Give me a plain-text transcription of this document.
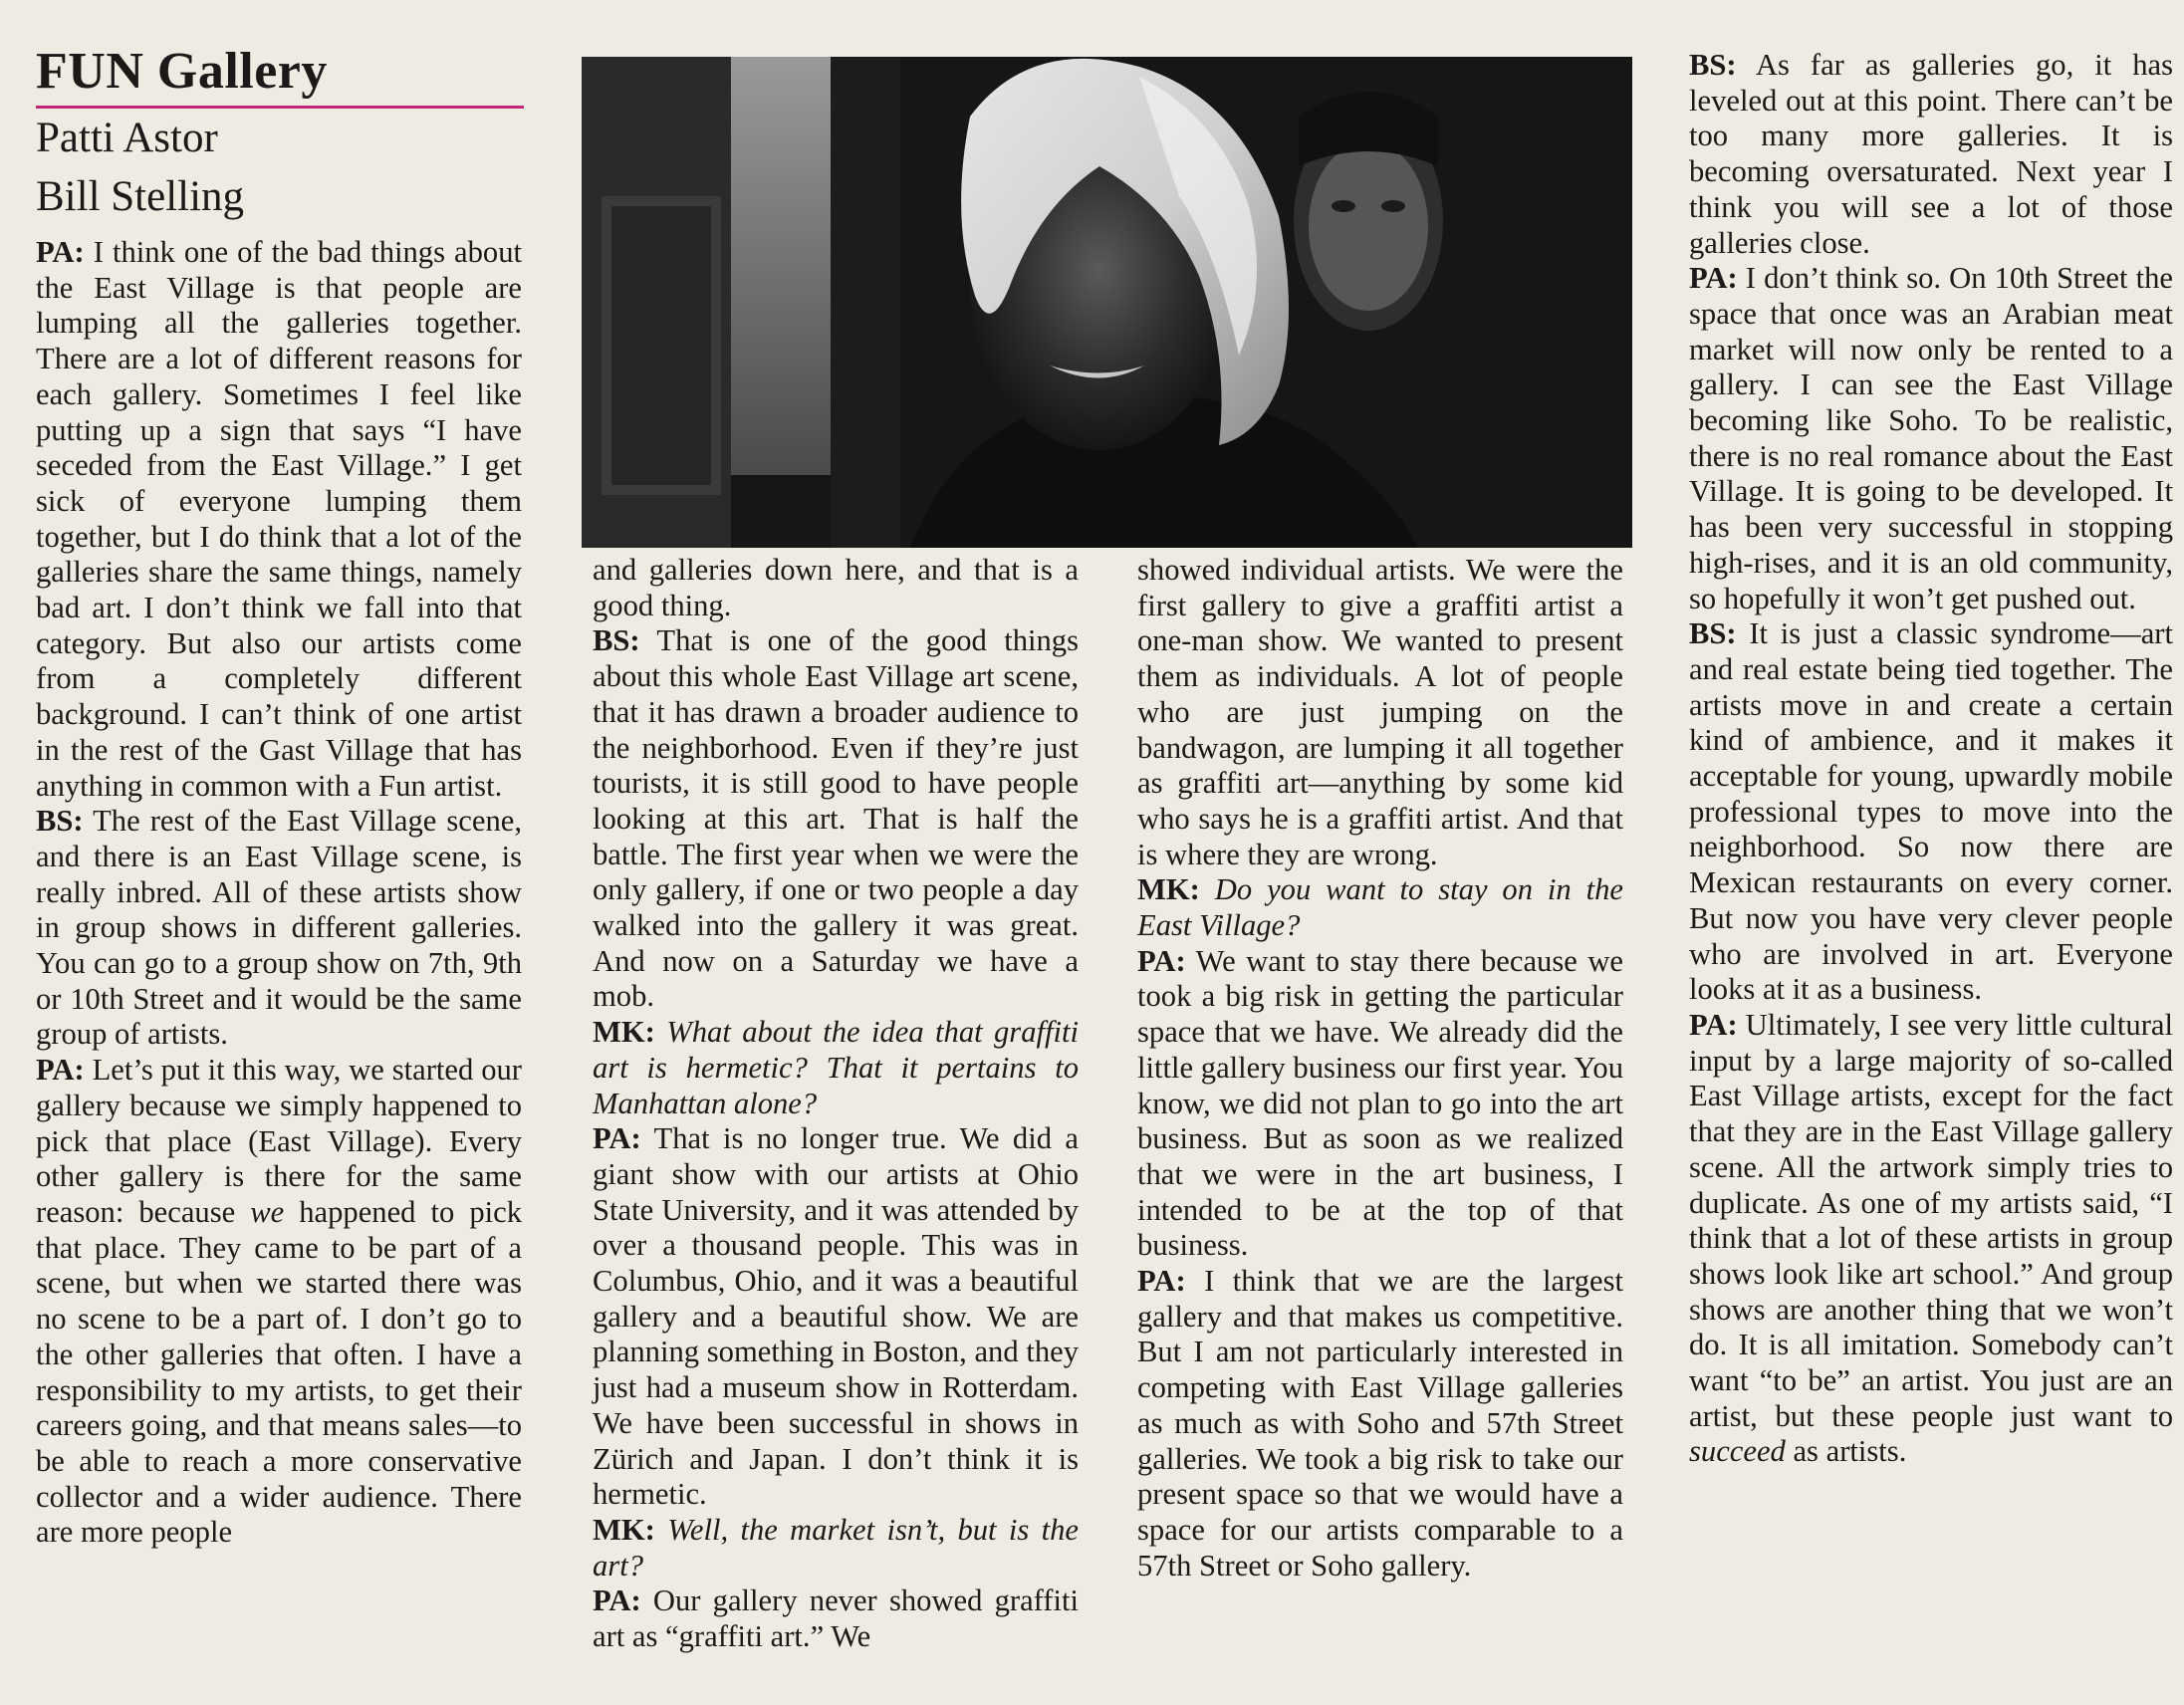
FUN Gallery
Patti Astor
Bill Stelling

PA: I think one of the bad things about the East Village is that people are lumping all the galleries together. There are a lot of different reasons for each gallery. Sometimes I feel like putting up a sign that says “I have seceded from the East Village.” I get sick of everyone lumping them together, but I do think that a lot of the galleries share the same things, namely bad art. I don’t think we fall into that category. But also our artists come from a completely different background. I can’t think of one artist in the rest of the Gast Village that has anything in common with a Fun artist.

BS: The rest of the East Village scene, and there is an East Village scene, is really inbred. All of these artists show in group shows in different galleries. You can go to a group show on 7th, 9th or 10th Street and it would be the same group of artists.

PA: Let’s put it this way, we started our gallery because we simply happened to pick that place (East Village). Every other gallery is there for the same reason: because we happened to pick that place. They came to be part of a scene, but when we started there was no scene to be a part of. I don’t go to the other galleries that often. I have a responsibility to my artists, to get their careers going, and that means sales—to be able to reach a more conservative collector and a wider audience. There are more people

and galleries down here, and that is a good thing.

BS: That is one of the good things about this whole East Village art scene, that it has drawn a broader audience to the neighborhood. Even if they’re just tourists, it is still good to have people looking at this art. That is half the battle. The first year when we were the only gallery, if one or two people a day walked into the gallery it was great. And now on a Saturday we have a mob.

MK: What about the idea that graffiti art is hermetic? That it pertains to Manhattan alone?

PA: That is no longer true. We did a giant show with our artists at Ohio State University, and it was attended by over a thousand people. This was in Columbus, Ohio, and it was a beautiful gallery and a beautiful show. We are planning something in Boston, and they just had a museum show in Rotterdam. We have been successful in shows in Zürich and Japan. I don’t think it is hermetic.

MK: Well, the market isn’t, but is the art?

PA: Our gallery never showed graffiti art as “graffiti art.” We

showed individual artists. We were the first gallery to give a graffiti artist a one-man show. We wanted to present them as individuals. A lot of people who are just jumping on the bandwagon, are lumping it all together as graffiti art—anything by some kid who says he is a graffiti artist. And that is where they are wrong.

MK: Do you want to stay on in the East Village?

PA: We want to stay there because we took a big risk in getting the particular space that we have. We already did the little gallery business our first year. You know, we did not plan to go into the art business. But as soon as we realized that we were in the art business, I intended to be at the top of that business.

PA: I think that we are the largest gallery and that makes us competitive. But I am not particularly interested in competing with East Village galleries as much as with Soho and 57th Street galleries. We took a big risk to take our present space so that we would have a space for our artists comparable to a 57th Street or Soho gallery.

BS: As far as galleries go, it has leveled out at this point. There can’t be too many more galleries. It is becoming oversaturated. Next year I think you will see a lot of those galleries close.

PA: I don’t think so. On 10th Street the space that once was an Arabian meat market will now only be rented to a gallery. I can see the East Village becoming like Soho. To be realistic, there is no real romance about the East Village. It is going to be developed. It has been very successful in stopping high-rises, and it is an old community, so hopefully it won’t get pushed out.

BS: It is just a classic syndrome—art and real estate being tied together. The artists move in and create a certain kind of ambience, and it makes it acceptable for young, upwardly mobile professional types to move into the neighborhood. So now there are Mexican restaurants on every corner. But now you have very clever people who are involved in art. Everyone looks at it as a business.

PA: Ultimately, I see very little cultural input by a large majority of so-called East Village artists, except for the fact that they are in the East Village gallery scene. All the artwork simply tries to duplicate. As one of my artists said, “I think that a lot of these artists in group shows look like art school.” And group shows are another thing that we won’t do. It is all imitation. Somebody can’t want “to be” an artist. You just are an artist, but these people just want to succeed as artists.
